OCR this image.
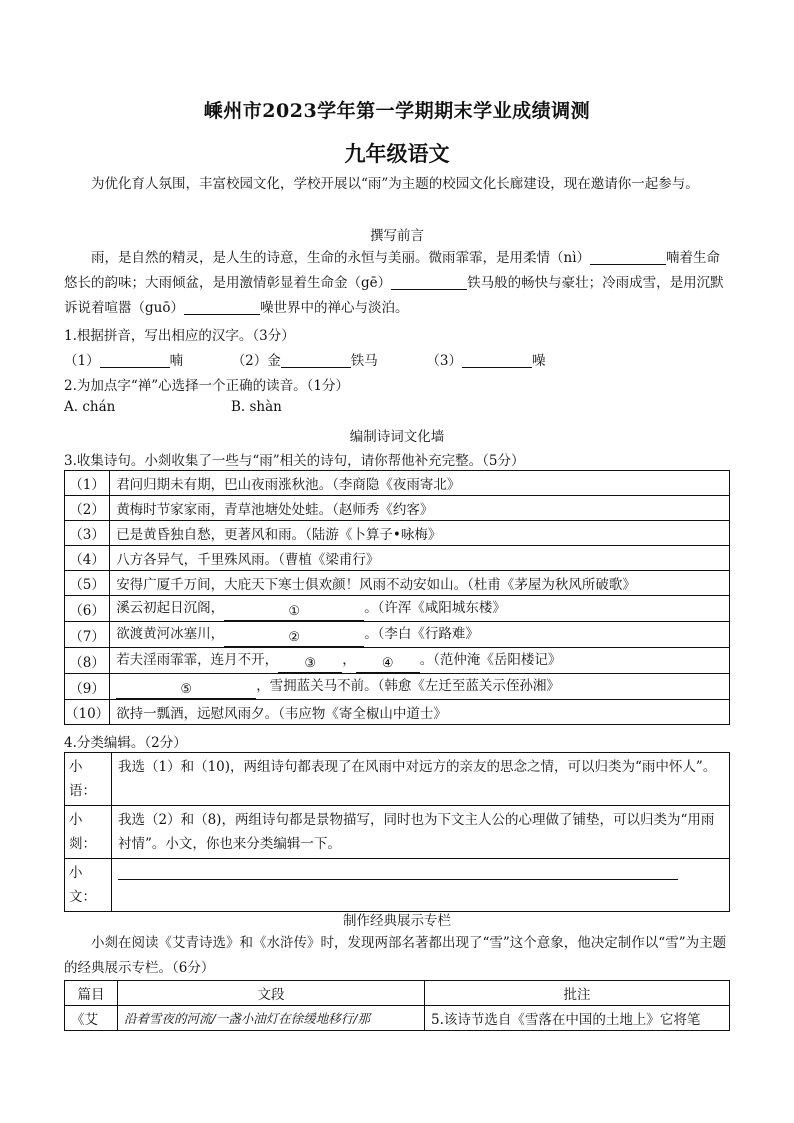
嵊州市2023学年第一学期期末学业成绩调测
九年级语文
为优化育人氛围，丰富校园文化，学校开展以“雨”为主题的校园文化长廊建设，现在邀请你一起参与。
撰写前言
雨，是自然的精灵，是人生的诗意，生命的永恒与美丽。微雨霏霏，是用柔情（nì）	喃着生命悠长的韵味；大雨倾盆，是用激情彰显着生命金（gē）	铁马般的畅快与豪壮；冷雨成雪，是用沉默诉说着喧嚣（guō）	噪世界中的禅心与淡泊。
1.根据拼音，写出相应的汉字。（3分）
（1）	喃	（2）金	铁马	（3）	噪
2.为加点字“禅”心选择一个正确的读音。（1分）
A. chán	B. shàn
编制诗词文化墙
3.收集诗句。小剡收集了一些与“雨”相关的诗句，请你帮他补充完整。（5分）
（1）	君问归期未有期，巴山夜雨涨秋池。（李商隐《夜雨寄北》
（2）	黄梅时节家家雨，青草池塘处处蛙。（赵师秀《约客》
（3）	已是黄昏独自愁，更著风和雨。（陆游《卜算子•咏梅》
（4）	八方各异气，千里殊风雨。（曹植《梁甫行》
（5）	安得广厦千万间，大庇天下寒士俱欢颜！风雨不动安如山。（杜甫《茅屋为秋风所破歌》
（6）	溪云初起日沉阁， ① 。（许浑《咸阳城东楼》
（7）	欲渡黄河冰塞川， ② 。（李白《行路难》
（8）	若夫淫雨霏霏，连月不开， ③ ， ④ 。（范仲淹《岳阳楼记》
（9）	⑤ ，雪拥蓝关马不前。（韩愈《左迁至蓝关示侄孙湘》
（10）	欲持一瓢酒，远慰风雨夕。（韦应物《寄全椒山中道士》
4.分类编辑。（2分）
小语：	我选（1）和（10)，两组诗句都表现了在风雨中对远方的亲友的思念之情，可以归类为“雨中怀人”。
小剡：	我选（2）和（8)，两组诗句都是景物描写，同时也为下文主人公的心理做了铺垫，可以归类为“用雨衬情”。小文，你也来分类编辑一下。
小文：	
制作经典展示专栏
小剡在阅读《艾青诗选》和《水浒传》时，发现两部名著都出现了“雪”这个意象，他决定制作以“雪”为主题的经典展示专栏。（6分）
篇目	文段	批注
《艾	沿着雪夜的河流/一盏小油灯在徐缓地移行/那	5.该诗节选自《雪落在中国的土地上》它将笔
